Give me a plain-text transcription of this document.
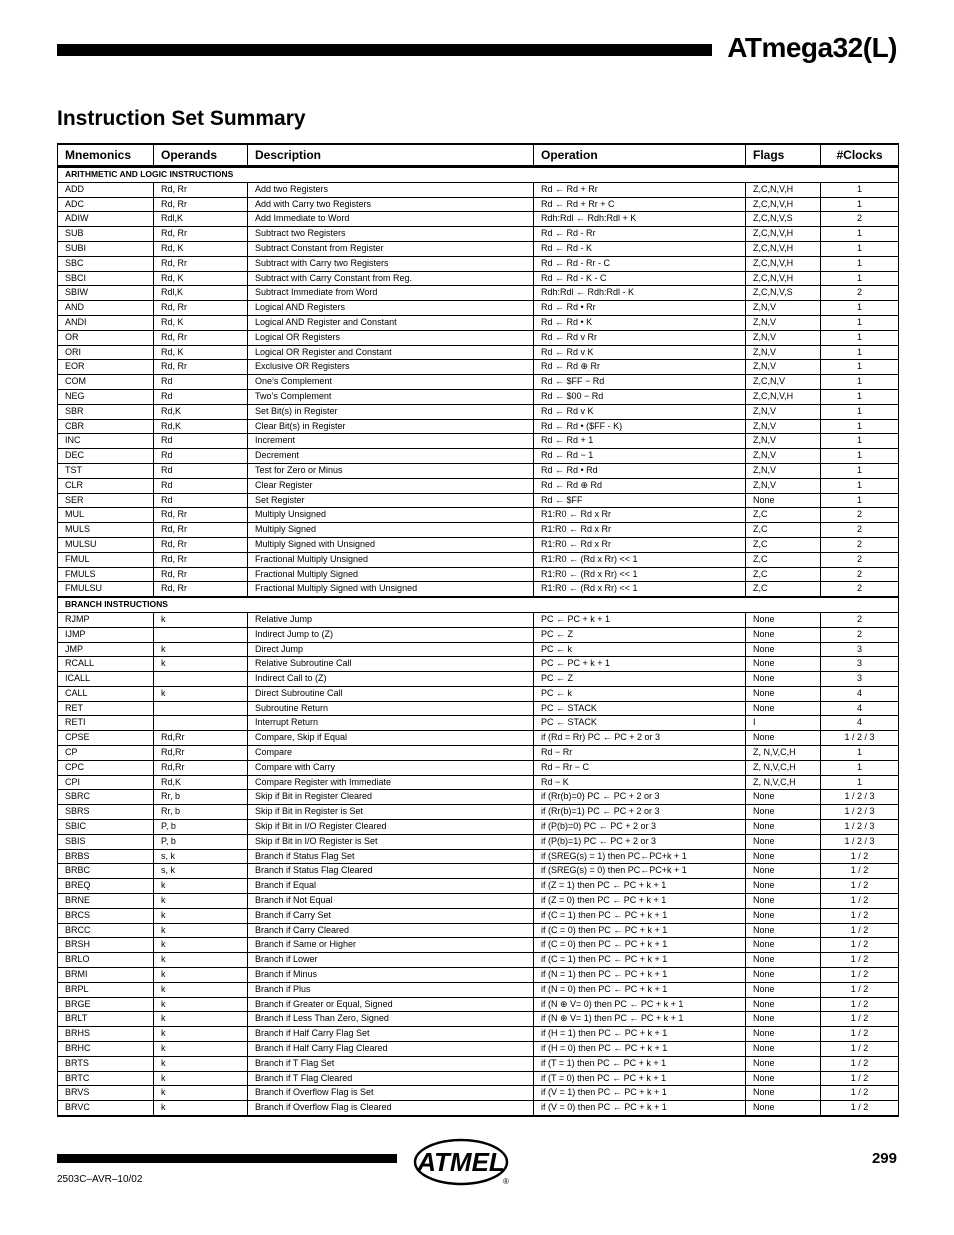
ATmega32(L)
Instruction Set Summary
Mnemonics	Operands	Description	Operation	Flags	#Clocks
ARITHMETIC AND LOGIC INSTRUCTIONS					
ADD	Rd, Rr	Add two Registers	Rd ← Rd + Rr	Z,C,N,V,H	1
ADC	Rd, Rr	Add with Carry two Registers	Rd ← Rd + Rr + C	Z,C,N,V,H	1
ADIW	Rdl,K	Add Immediate to Word	Rdh:Rdl ← Rdh:Rdl + K	Z,C,N,V,S	2
SUB	Rd, Rr	Subtract two Registers	Rd ← Rd - Rr	Z,C,N,V,H	1
SUBI	Rd, K	Subtract Constant from Register	Rd ← Rd - K	Z,C,N,V,H	1
SBC	Rd, Rr	Subtract with Carry two Registers	Rd ← Rd - Rr - C	Z,C,N,V,H	1
SBCI	Rd, K	Subtract with Carry Constant from Reg.	Rd ← Rd - K - C	Z,C,N,V,H	1
SBIW	Rdl,K	Subtract Immediate from Word	Rdh:Rdl ← Rdh:Rdl - K	Z,C,N,V,S	2
AND	Rd, Rr	Logical AND Registers	Rd ← Rd • Rr	Z,N,V	1
ANDI	Rd, K	Logical AND Register and Constant	Rd ← Rd • K	Z,N,V	1
OR	Rd, Rr	Logical OR Registers	Rd ← Rd v Rr	Z,N,V	1
ORI	Rd, K	Logical OR Register and Constant	Rd ← Rd v K	Z,N,V	1
EOR	Rd, Rr	Exclusive OR Registers	Rd ← Rd ⊕ Rr	Z,N,V	1
COM	Rd	One’s Complement	Rd ← $FF − Rd	Z,C,N,V	1
NEG	Rd	Two’s Complement	Rd ← $00 − Rd	Z,C,N,V,H	1
SBR	Rd,K	Set Bit(s) in Register	Rd ← Rd v K	Z,N,V	1
CBR	Rd,K	Clear Bit(s) in Register	Rd ← Rd • ($FF - K)	Z,N,V	1
INC	Rd	Increment	Rd ← Rd + 1	Z,N,V	1
DEC	Rd	Decrement	Rd ← Rd − 1	Z,N,V	1
TST	Rd	Test for Zero or Minus	Rd ← Rd • Rd	Z,N,V	1
CLR	Rd	Clear Register	Rd ← Rd ⊕ Rd	Z,N,V	1
SER	Rd	Set Register	Rd ← $FF	None	1
MUL	Rd, Rr	Multiply Unsigned	R1:R0 ← Rd x Rr	Z,C	2
MULS	Rd, Rr	Multiply Signed	R1:R0 ← Rd x Rr	Z,C	2
MULSU	Rd, Rr	Multiply Signed with Unsigned	R1:R0 ← Rd x Rr	Z,C	2
FMUL	Rd, Rr	Fractional Multiply Unsigned	R1:R0 ← (Rd x Rr) << 1	Z,C	2
FMULS	Rd, Rr	Fractional Multiply Signed	R1:R0 ← (Rd x Rr) << 1	Z,C	2
FMULSU	Rd, Rr	Fractional Multiply Signed with Unsigned	R1:R0 ← (Rd x Rr) << 1	Z,C	2
BRANCH INSTRUCTIONS					
RJMP	k	Relative Jump	PC ← PC + k + 1	None	2
IJMP		Indirect Jump to (Z)	PC ← Z	None	2
JMP	k	Direct Jump	PC ← k	None	3
RCALL	k	Relative Subroutine Call	PC ← PC + k + 1	None	3
ICALL		Indirect Call to (Z)	PC ← Z	None	3
CALL	k	Direct Subroutine Call	PC ← k	None	4
RET		Subroutine Return	PC ← STACK	None	4
RETI		Interrupt Return	PC ← STACK	I	4
CPSE	Rd,Rr	Compare, Skip if Equal	if (Rd = Rr) PC ← PC + 2 or 3	None	1 / 2 / 3
CP	Rd,Rr	Compare	Rd − Rr	Z, N,V,C,H	1
CPC	Rd,Rr	Compare with Carry	Rd − Rr − C	Z, N,V,C,H	1
CPI	Rd,K	Compare Register with Immediate	Rd − K	Z, N,V,C,H	1
SBRC	Rr, b	Skip if Bit in Register Cleared	if (Rr(b)=0) PC ← PC + 2 or 3	None	1 / 2 / 3
SBRS	Rr, b	Skip if Bit in Register is Set	if (Rr(b)=1) PC ← PC + 2 or 3	None	1 / 2 / 3
SBIC	P, b	Skip if Bit in I/O Register Cleared	if (P(b)=0) PC ← PC + 2 or 3	None	1 / 2 / 3
SBIS	P, b	Skip if Bit in I/O Register is Set	if (P(b)=1) PC ← PC + 2 or 3	None	1 / 2 / 3
BRBS	s, k	Branch if Status Flag Set	if (SREG(s) = 1) then PC←PC+k + 1	None	1 / 2
BRBC	s, k	Branch if Status Flag Cleared	if (SREG(s) = 0) then PC←PC+k + 1	None	1 / 2
BREQ	k	Branch if Equal	if (Z = 1) then PC ← PC + k + 1	None	1 / 2
BRNE	k	Branch if Not Equal	if (Z = 0) then PC ← PC + k + 1	None	1 / 2
BRCS	k	Branch if Carry Set	if (C = 1) then PC ← PC + k + 1	None	1 / 2
BRCC	k	Branch if Carry Cleared	if (C = 0) then PC ← PC + k + 1	None	1 / 2
BRSH	k	Branch if Same or Higher	if (C = 0) then PC ← PC + k + 1	None	1 / 2
BRLO	k	Branch if Lower	if (C = 1) then PC ← PC + k + 1	None	1 / 2
BRMI	k	Branch if Minus	if (N = 1) then PC ← PC + k + 1	None	1 / 2
BRPL	k	Branch if Plus	if (N = 0) then PC ← PC + k + 1	None	1 / 2
BRGE	k	Branch if Greater or Equal, Signed	if (N ⊕ V= 0) then PC ← PC + k + 1	None	1 / 2
BRLT	k	Branch if Less Than Zero, Signed	if (N ⊕ V= 1) then PC ← PC + k + 1	None	1 / 2
BRHS	k	Branch if Half Carry Flag Set	if (H = 1) then PC ← PC + k + 1	None	1 / 2
BRHC	k	Branch if Half Carry Flag Cleared	if (H = 0) then PC ← PC + k + 1	None	1 / 2
BRTS	k	Branch if T Flag Set	if (T = 1) then PC ← PC + k + 1	None	1 / 2
BRTC	k	Branch if T Flag Cleared	if (T = 0) then PC ← PC + k + 1	None	1 / 2
BRVS	k	Branch if Overflow Flag is Set	if (V = 1) then PC ← PC + k + 1	None	1 / 2
BRVC	k	Branch if Overflow Flag is Cleared	if (V = 0) then PC ← PC + k + 1	None	1 / 2
ATMEL
®
299
2503C–AVR–10/02
